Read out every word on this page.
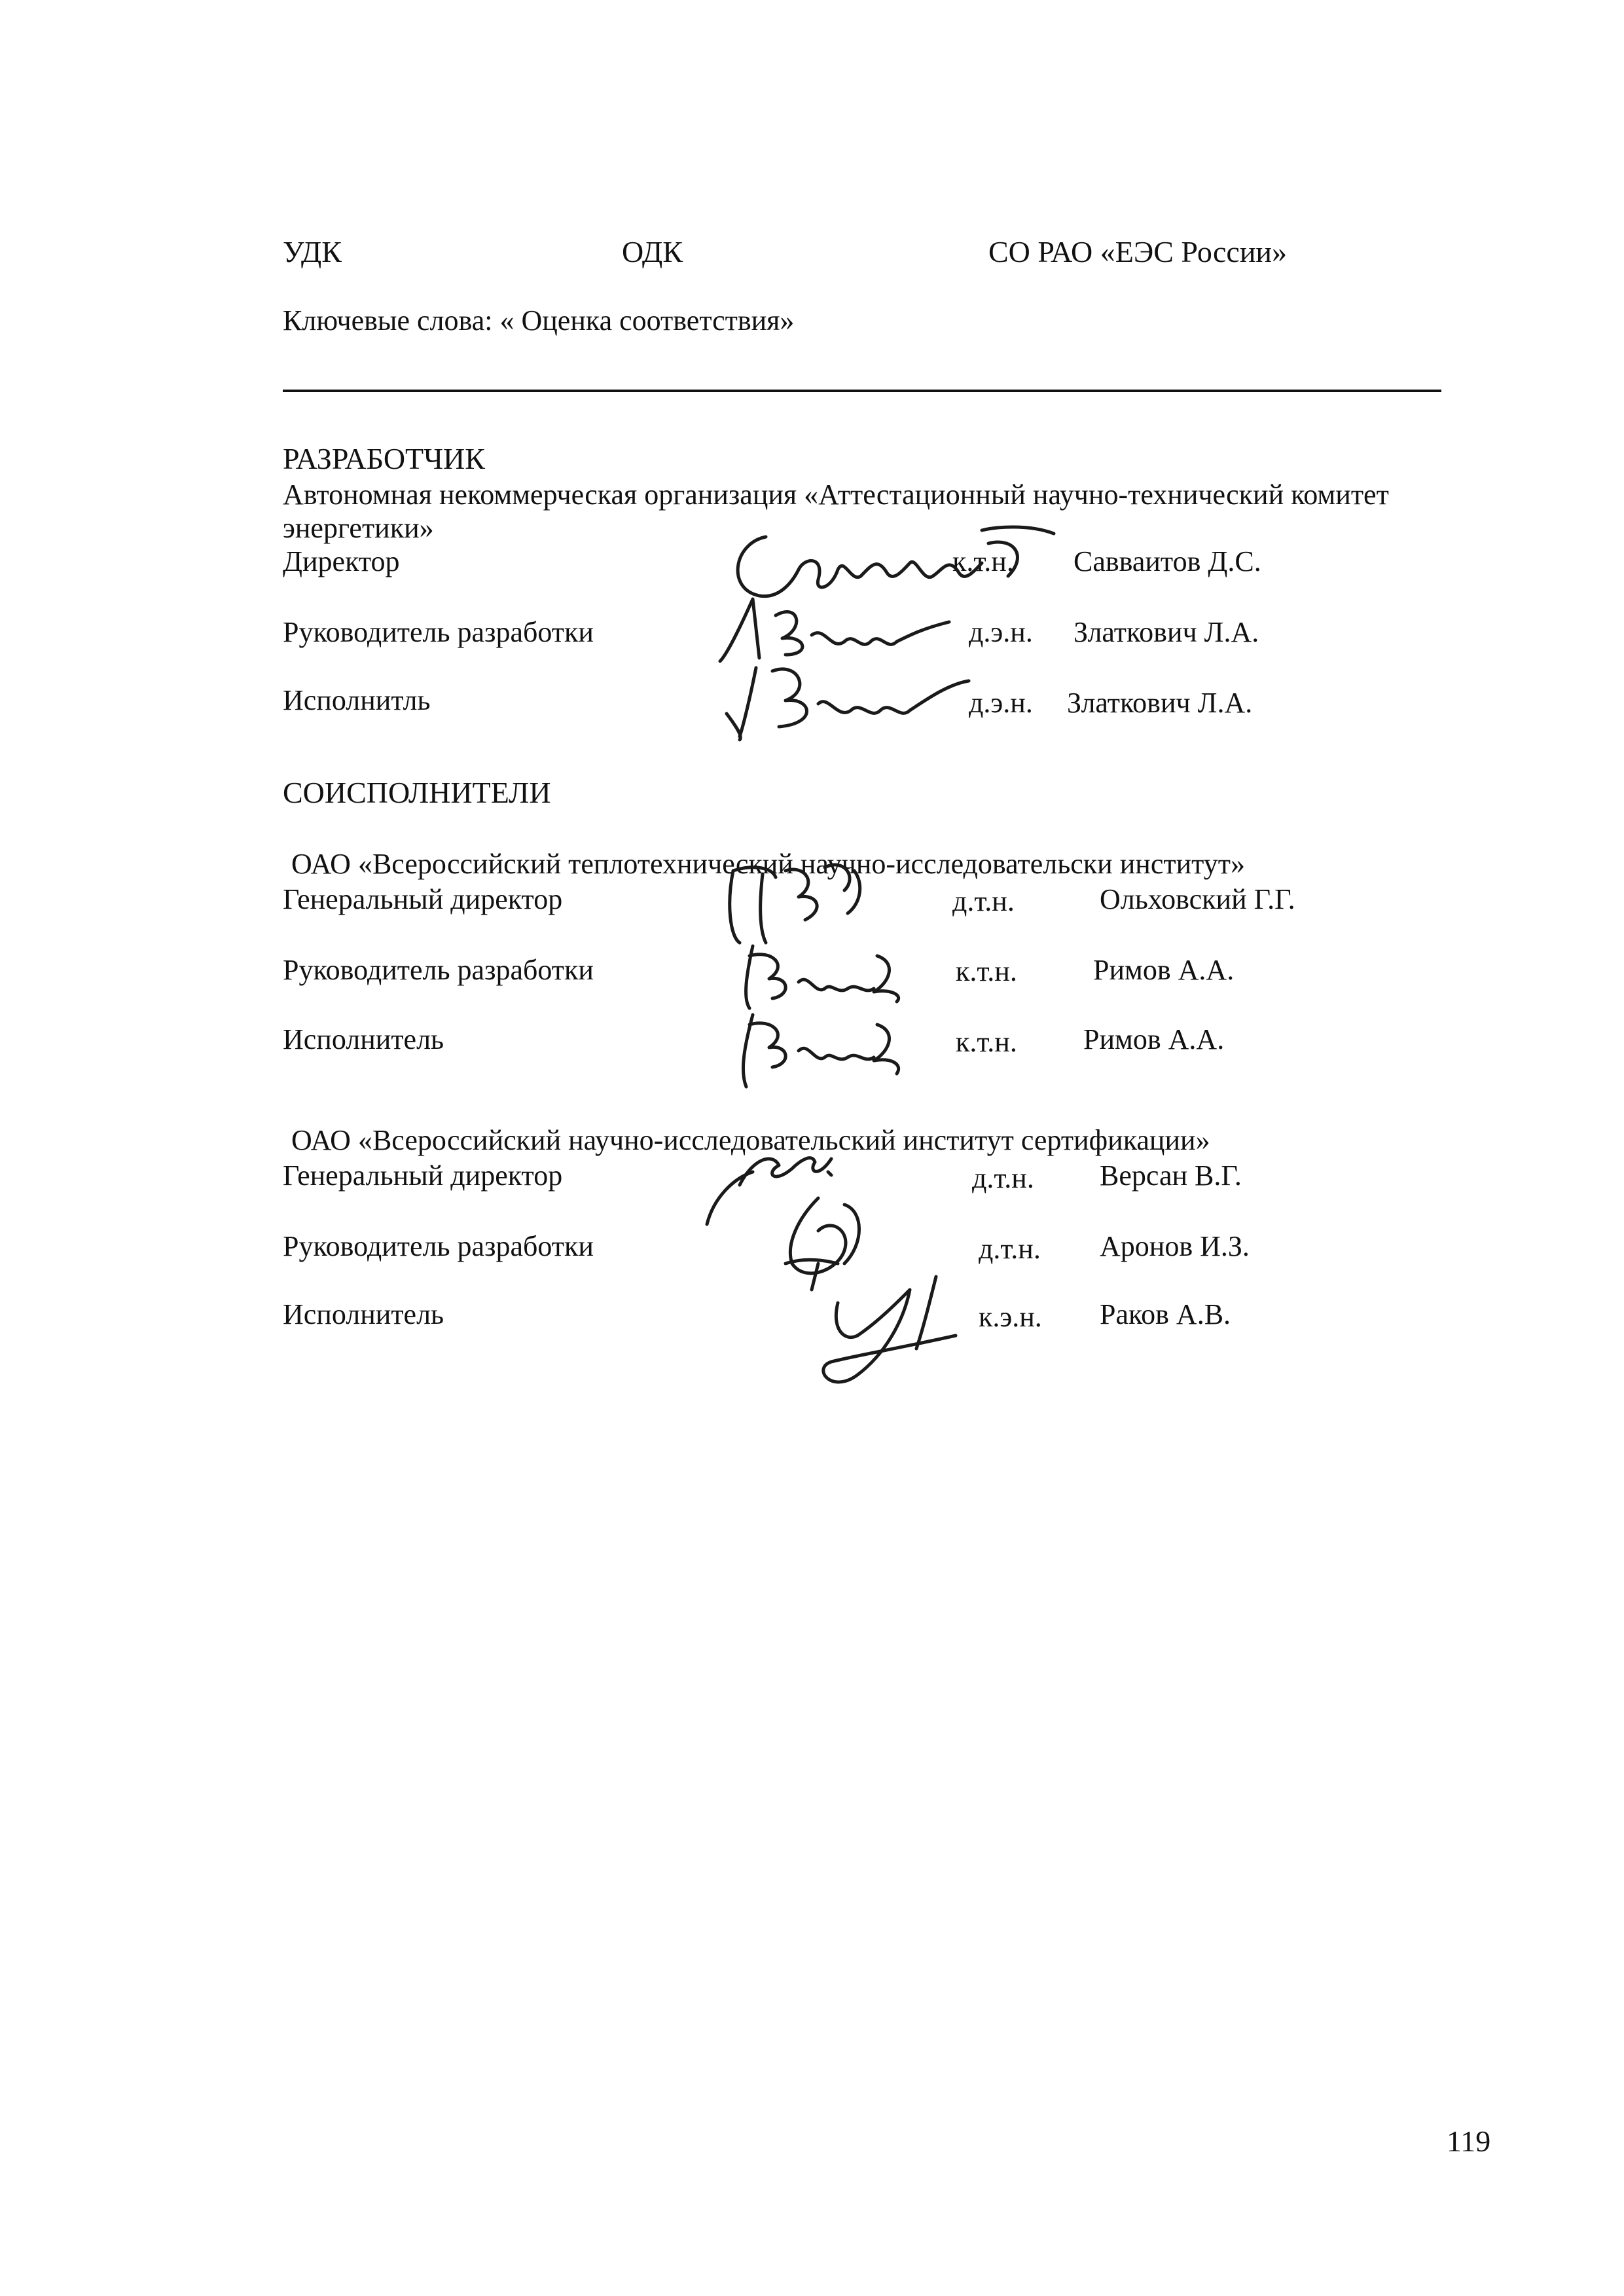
УДК	ОДК	СО РАО «ЕЭС России»
Ключевые слова: « Оценка соответствия»
РАЗРАБОТЧИК
Автономная некоммерческая организация «Аттестационный научно-технический комитет
энергетики»
Директор	к.т.н. Савваитов Д.С.
Руководитель разработки	д.э.н. Златкович Л.А.
Исполнитль	д.э.н. Златкович Л.А.
СОИСПОЛНИТЕЛИ
ОАО «Всероссийский теплотехнический научно-исследовательски институт»
Генеральный директор	д.т.н.	Ольховский Г.Г.
Руководитель разработки	к.т.н.	Римов А.А.
Исполнитель	к.т.н. Римов А.А.
ОАО «Всероссийский научно-исследовательский институт сертификации»
Генеральный директор	д.т.н. Версан В.Г.
Руководитель разработки	д.т.н. Аронов И.З.
Исполнитель	к.э.н. Раков А.В.
119
